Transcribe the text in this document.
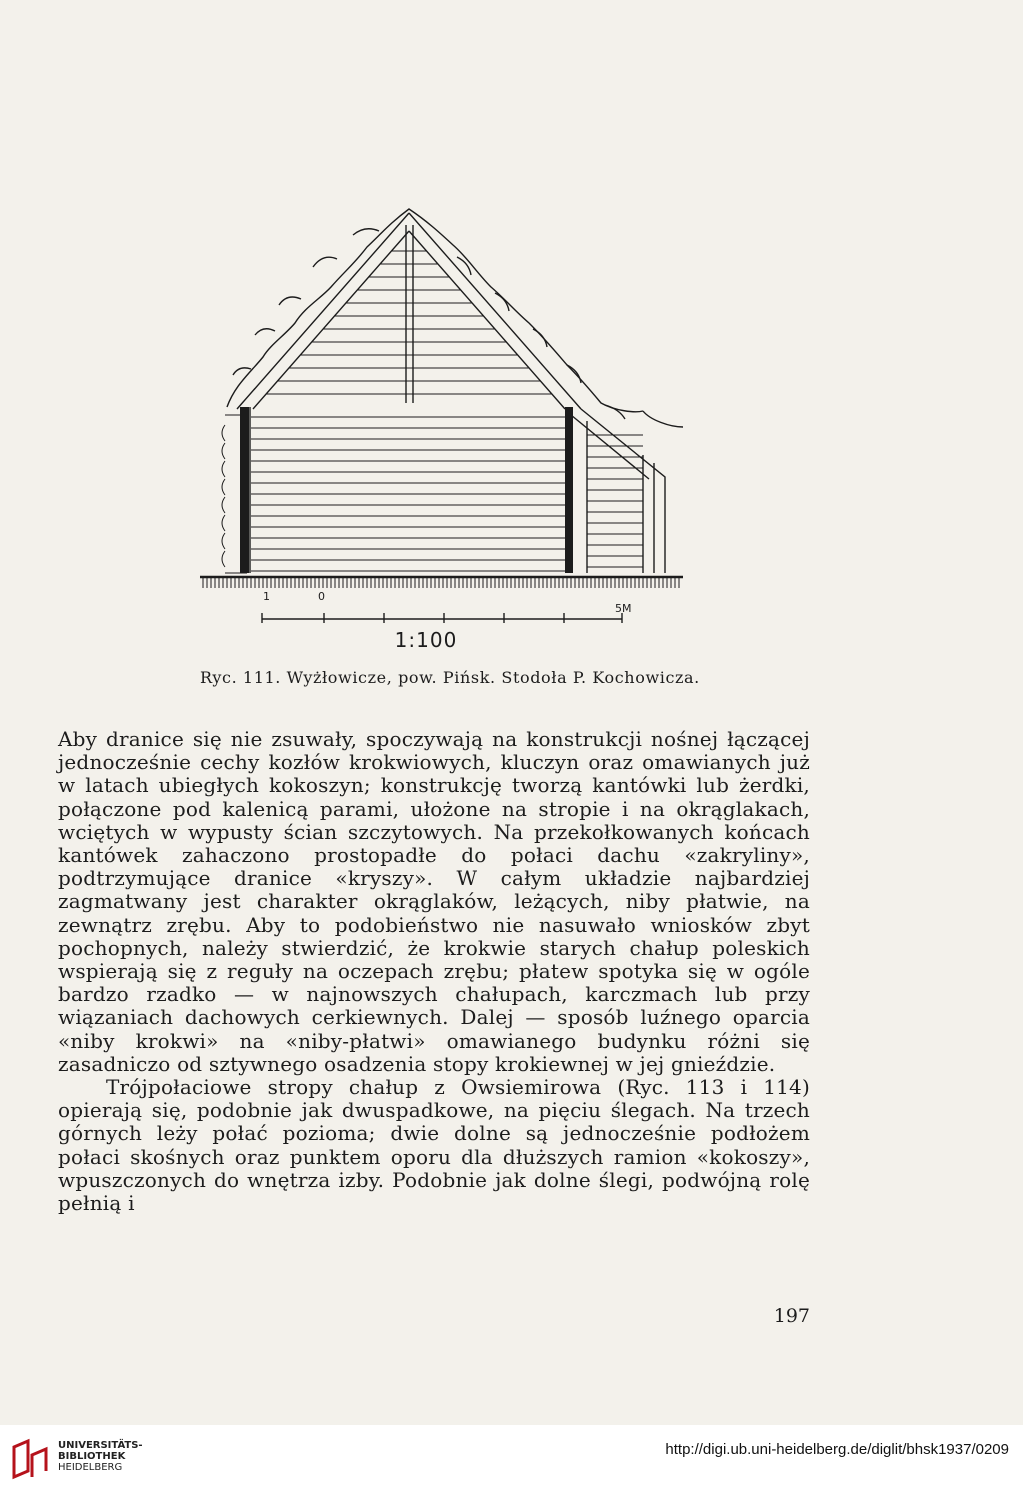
1	0
5M
1:100
Ryc. 111. Wyżłowicze, pow. Pińsk. Stodoła P. Kochowicza.

Aby dranice się nie zsuwały, spoczywają na konstrukcji nośnej łączącej jednocześnie cechy kozłów krokwiowych, kluczyn oraz omawianych już w latach ubiegłych kokoszyn; konstrukcję tworzą kantówki lub żerdki, połączone pod kalenicą parami, ułożone na stropie i na okrąglakach, wciętych w wypusty ścian szczytowych. Na przekołkowanych końcach kantówek zahaczono prostopadłe do połaci dachu «zakryliny», podtrzymujące dranice «kryszy». W całym układzie najbardziej zagmatwany jest charakter okrąglaków, leżących, niby płatwie, na zewnątrz zrębu. Aby to podobieństwo nie nasuwało wniosków zbyt pochopnych, należy stwierdzić, że krokwie starych chałup poleskich wspierają się z reguły na oczepach zrębu; płatew spotyka się w ogóle bardzo rzadko — w najnowszych chałupach, karczmach lub przy wiązaniach dachowych cerkiewnych. Dalej — sposób luźnego oparcia «niby krokwi» na «niby-płatwi» omawianego budynku różni się zasadniczo od sztywnego osadzenia stopy krokiewnej w jej gnieździe.

Trójpołaciowe stropy chałup z Owsiemirowa (Ryc. 113 i 114) opierają się, podobnie jak dwuspadkowe, na pięciu ślegach. Na trzech górnych leży połać pozioma; dwie dolne są jednocześnie podłożem połaci skośnych oraz punktem oporu dla dłuższych ramion «kokoszy», wpuszczonych do wnętrza izby. Podobnie jak dolne ślegi, podwójną rolę pełnią i

197
UNIVERSITÄTS-
BIBLIOTHEK
HEIDELBERG
http://digi.ub.uni-heidelberg.de/diglit/bhsk1937/0209
